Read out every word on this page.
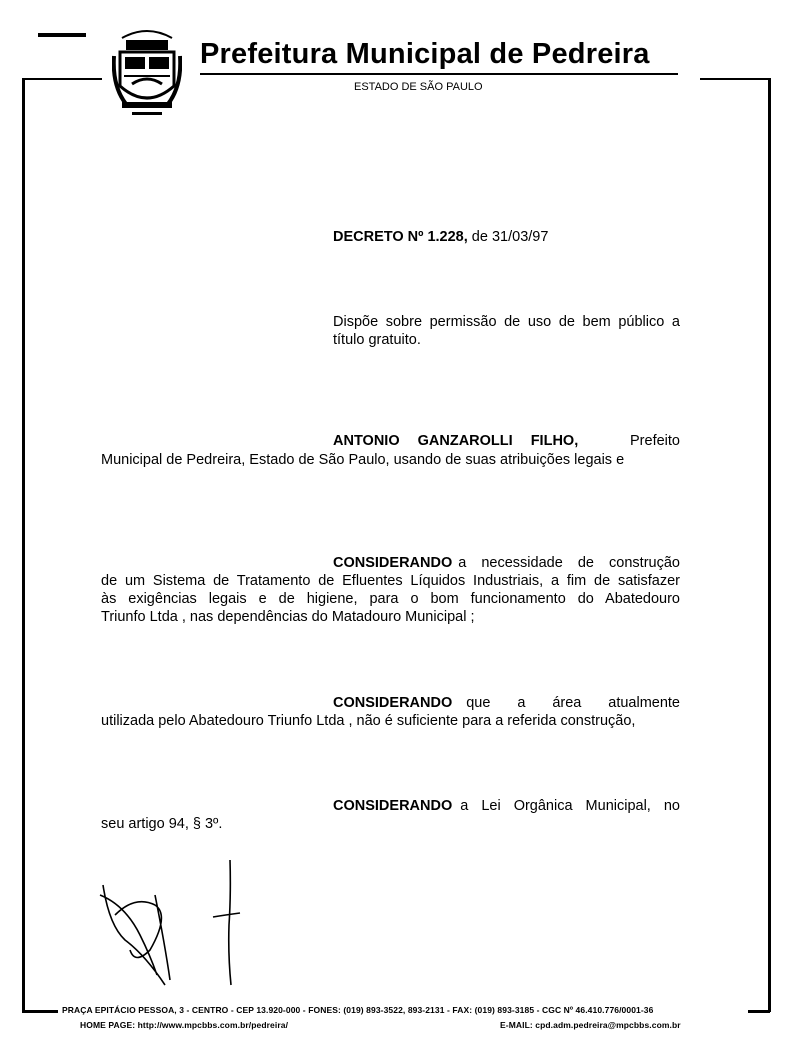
Prefeitura Municipal de Pedreira
ESTADO DE SÃO PAULO
DECRETO Nº 1.228, de 31/03/97
Dispõe sobre permissão de uso de bem público a
título gratuito.
ANTONIO GANZAROLLI FILHO,	Prefeito
Municipal de Pedreira, Estado de São Paulo, usando de suas atribuições legais e
CONSIDERANDO a necessidade de construção
de um Sistema de Tratamento de Efluentes Líquidos Industriais, a fim de satisfazer
às exigências legais e de higiene, para o bom funcionamento do Abatedouro
Triunfo Ltda , nas dependências do Matadouro Municipal ;
CONSIDERANDO que a área atualmente
utilizada pelo Abatedouro Triunfo Ltda , não é suficiente para a referida construção,
CONSIDERANDO a Lei Orgânica Municipal, no
seu artigo 94, § 3º.
PRAÇA EPITÁCIO PESSOA, 3 - CENTRO - CEP 13.920-000 - FONES: (019) 893-3522, 893-2131 - FAX: (019) 893-3185 - CGC Nº 46.410.776/0001-36
HOME PAGE: http://www.mpcbbs.com.br/pedreira/	E-MAIL: cpd.adm.pedreira@mpcbbs.com.br
